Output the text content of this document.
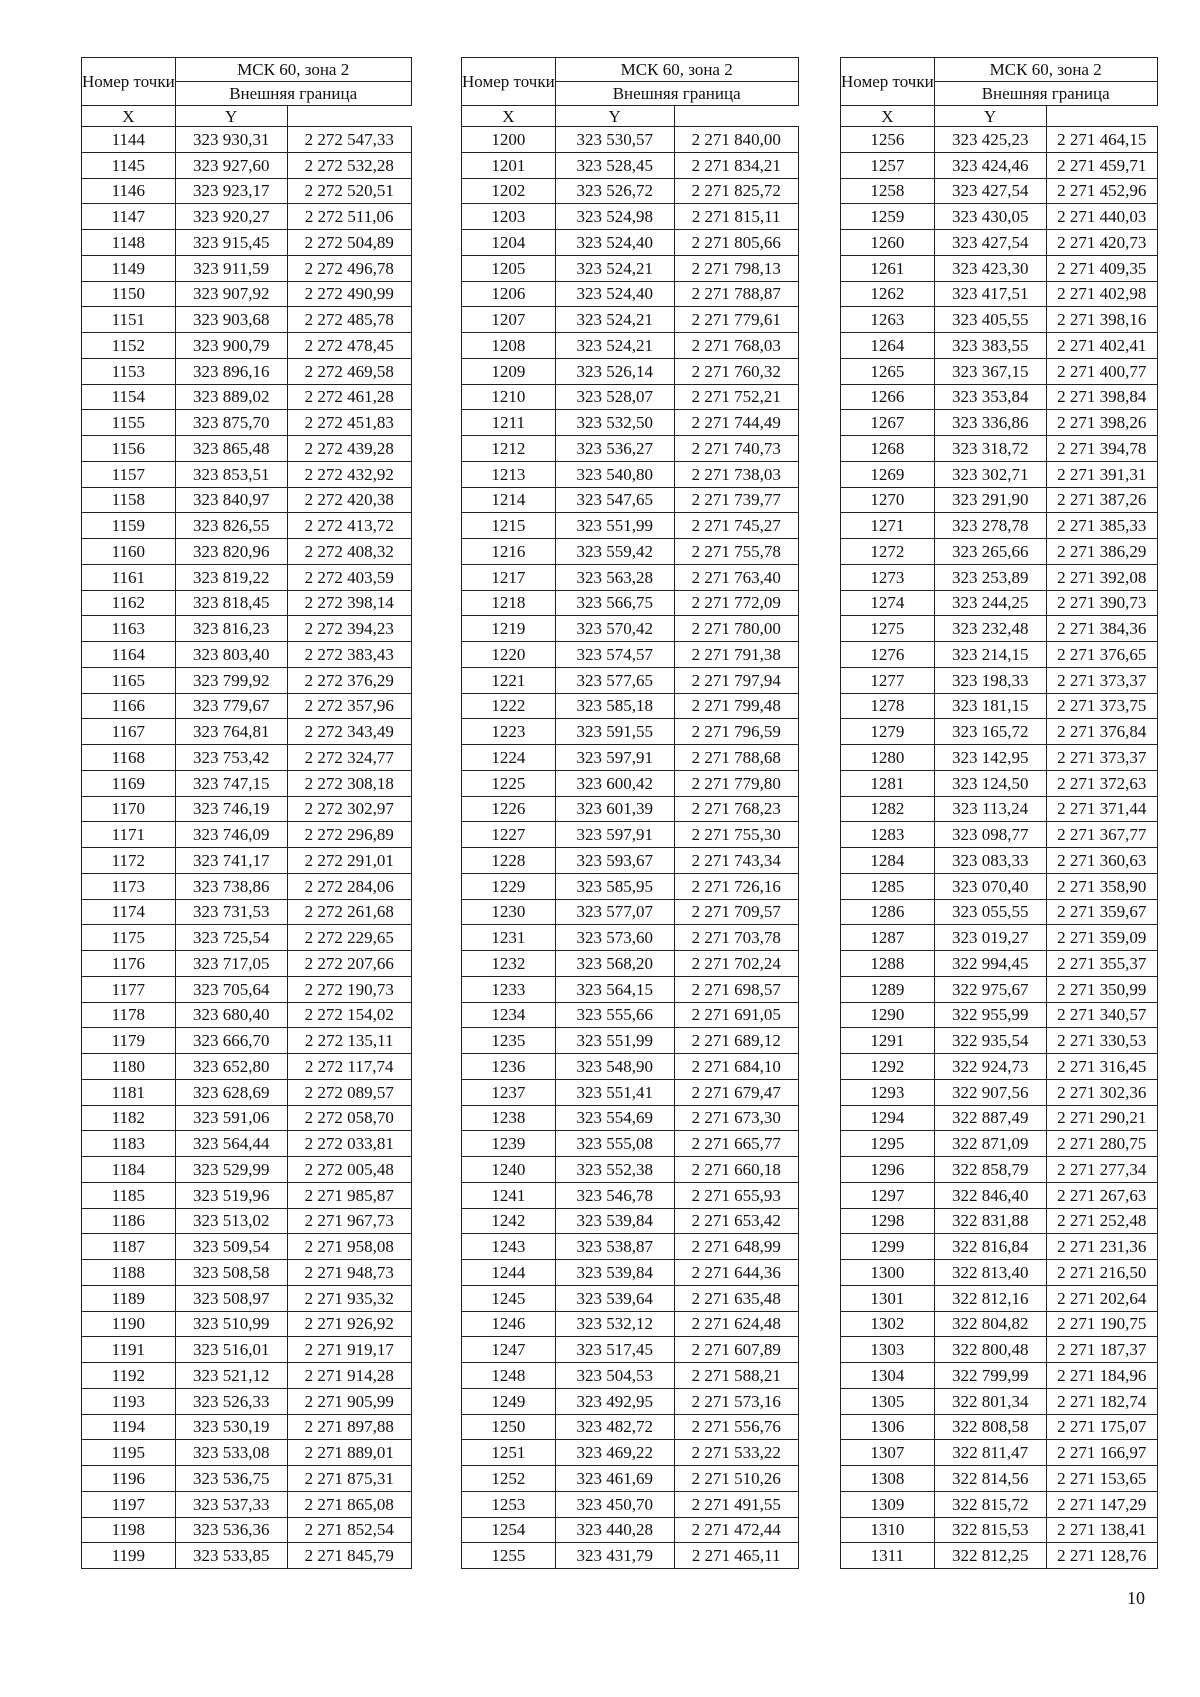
Номер точки	МСК 60, зона 2	
	Внешняя граница	
X	Y	
1144	323 930,31	2 272 547,33
1145	323 927,60	2 272 532,28
1146	323 923,17	2 272 520,51
1147	323 920,27	2 272 511,06
1148	323 915,45	2 272 504,89
1149	323 911,59	2 272 496,78
1150	323 907,92	2 272 490,99
1151	323 903,68	2 272 485,78
1152	323 900,79	2 272 478,45
1153	323 896,16	2 272 469,58
1154	323 889,02	2 272 461,28
1155	323 875,70	2 272 451,83
1156	323 865,48	2 272 439,28
1157	323 853,51	2 272 432,92
1158	323 840,97	2 272 420,38
1159	323 826,55	2 272 413,72
1160	323 820,96	2 272 408,32
1161	323 819,22	2 272 403,59
1162	323 818,45	2 272 398,14
1163	323 816,23	2 272 394,23
1164	323 803,40	2 272 383,43
1165	323 799,92	2 272 376,29
1166	323 779,67	2 272 357,96
1167	323 764,81	2 272 343,49
1168	323 753,42	2 272 324,77
1169	323 747,15	2 272 308,18
1170	323 746,19	2 272 302,97
1171	323 746,09	2 272 296,89
1172	323 741,17	2 272 291,01
1173	323 738,86	2 272 284,06
1174	323 731,53	2 272 261,68
1175	323 725,54	2 272 229,65
1176	323 717,05	2 272 207,66
1177	323 705,64	2 272 190,73
1178	323 680,40	2 272 154,02
1179	323 666,70	2 272 135,11
1180	323 652,80	2 272 117,74
1181	323 628,69	2 272 089,57
1182	323 591,06	2 272 058,70
1183	323 564,44	2 272 033,81
1184	323 529,99	2 272 005,48
1185	323 519,96	2 271 985,87
1186	323 513,02	2 271 967,73
1187	323 509,54	2 271 958,08
1188	323 508,58	2 271 948,73
1189	323 508,97	2 271 935,32
1190	323 510,99	2 271 926,92
1191	323 516,01	2 271 919,17
1192	323 521,12	2 271 914,28
1193	323 526,33	2 271 905,99
1194	323 530,19	2 271 897,88
1195	323 533,08	2 271 889,01
1196	323 536,75	2 271 875,31
1197	323 537,33	2 271 865,08
1198	323 536,36	2 271 852,54
1199	323 533,85	2 271 845,79
Номер точки	МСК 60, зона 2	
	Внешняя граница	
X	Y	
1200	323 530,57	2 271 840,00
1201	323 528,45	2 271 834,21
1202	323 526,72	2 271 825,72
1203	323 524,98	2 271 815,11
1204	323 524,40	2 271 805,66
1205	323 524,21	2 271 798,13
1206	323 524,40	2 271 788,87
1207	323 524,21	2 271 779,61
1208	323 524,21	2 271 768,03
1209	323 526,14	2 271 760,32
1210	323 528,07	2 271 752,21
1211	323 532,50	2 271 744,49
1212	323 536,27	2 271 740,73
1213	323 540,80	2 271 738,03
1214	323 547,65	2 271 739,77
1215	323 551,99	2 271 745,27
1216	323 559,42	2 271 755,78
1217	323 563,28	2 271 763,40
1218	323 566,75	2 271 772,09
1219	323 570,42	2 271 780,00
1220	323 574,57	2 271 791,38
1221	323 577,65	2 271 797,94
1222	323 585,18	2 271 799,48
1223	323 591,55	2 271 796,59
1224	323 597,91	2 271 788,68
1225	323 600,42	2 271 779,80
1226	323 601,39	2 271 768,23
1227	323 597,91	2 271 755,30
1228	323 593,67	2 271 743,34
1229	323 585,95	2 271 726,16
1230	323 577,07	2 271 709,57
1231	323 573,60	2 271 703,78
1232	323 568,20	2 271 702,24
1233	323 564,15	2 271 698,57
1234	323 555,66	2 271 691,05
1235	323 551,99	2 271 689,12
1236	323 548,90	2 271 684,10
1237	323 551,41	2 271 679,47
1238	323 554,69	2 271 673,30
1239	323 555,08	2 271 665,77
1240	323 552,38	2 271 660,18
1241	323 546,78	2 271 655,93
1242	323 539,84	2 271 653,42
1243	323 538,87	2 271 648,99
1244	323 539,84	2 271 644,36
1245	323 539,64	2 271 635,48
1246	323 532,12	2 271 624,48
1247	323 517,45	2 271 607,89
1248	323 504,53	2 271 588,21
1249	323 492,95	2 271 573,16
1250	323 482,72	2 271 556,76
1251	323 469,22	2 271 533,22
1252	323 461,69	2 271 510,26
1253	323 450,70	2 271 491,55
1254	323 440,28	2 271 472,44
1255	323 431,79	2 271 465,11
Номер точки	МСК 60, зона 2	
	Внешняя граница	
X	Y	
1256	323 425,23	2 271 464,15
1257	323 424,46	2 271 459,71
1258	323 427,54	2 271 452,96
1259	323 430,05	2 271 440,03
1260	323 427,54	2 271 420,73
1261	323 423,30	2 271 409,35
1262	323 417,51	2 271 402,98
1263	323 405,55	2 271 398,16
1264	323 383,55	2 271 402,41
1265	323 367,15	2 271 400,77
1266	323 353,84	2 271 398,84
1267	323 336,86	2 271 398,26
1268	323 318,72	2 271 394,78
1269	323 302,71	2 271 391,31
1270	323 291,90	2 271 387,26
1271	323 278,78	2 271 385,33
1272	323 265,66	2 271 386,29
1273	323 253,89	2 271 392,08
1274	323 244,25	2 271 390,73
1275	323 232,48	2 271 384,36
1276	323 214,15	2 271 376,65
1277	323 198,33	2 271 373,37
1278	323 181,15	2 271 373,75
1279	323 165,72	2 271 376,84
1280	323 142,95	2 271 373,37
1281	323 124,50	2 271 372,63
1282	323 113,24	2 271 371,44
1283	323 098,77	2 271 367,77
1284	323 083,33	2 271 360,63
1285	323 070,40	2 271 358,90
1286	323 055,55	2 271 359,67
1287	323 019,27	2 271 359,09
1288	322 994,45	2 271 355,37
1289	322 975,67	2 271 350,99
1290	322 955,99	2 271 340,57
1291	322 935,54	2 271 330,53
1292	322 924,73	2 271 316,45
1293	322 907,56	2 271 302,36
1294	322 887,49	2 271 290,21
1295	322 871,09	2 271 280,75
1296	322 858,79	2 271 277,34
1297	322 846,40	2 271 267,63
1298	322 831,88	2 271 252,48
1299	322 816,84	2 271 231,36
1300	322 813,40	2 271 216,50
1301	322 812,16	2 271 202,64
1302	322 804,82	2 271 190,75
1303	322 800,48	2 271 187,37
1304	322 799,99	2 271 184,96
1305	322 801,34	2 271 182,74
1306	322 808,58	2 271 175,07
1307	322 811,47	2 271 166,97
1308	322 814,56	2 271 153,65
1309	322 815,72	2 271 147,29
1310	322 815,53	2 271 138,41
1311	322 812,25	2 271 128,76
10
